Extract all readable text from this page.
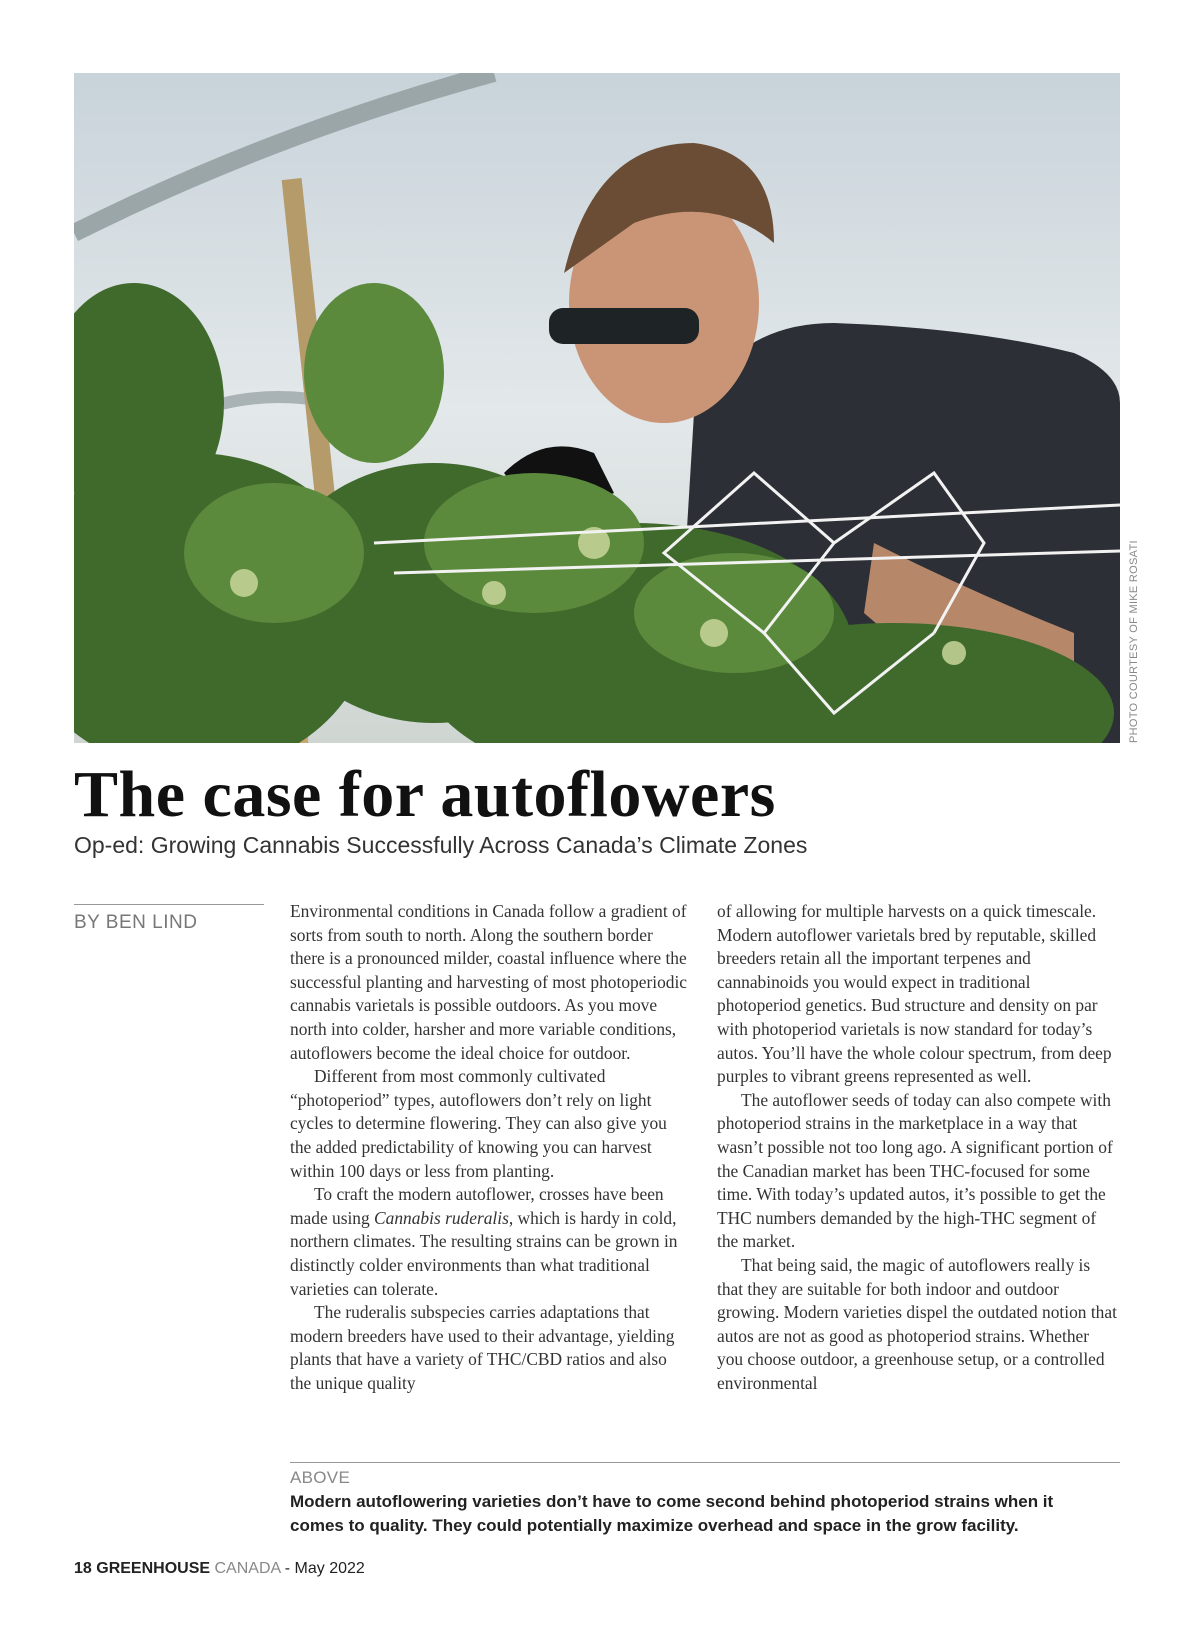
PHOTO COURTESY OF MIKE ROSATI
The case for autoflowers

Op-ed: Growing Cannabis Successfully Across Canada’s Climate Zones

BY BEN LIND

Environmental conditions in Canada follow a gradient of sorts from south to north. Along the southern border there is a pronounced milder, coastal influence where the successful planting and harvesting of most photoperiodic cannabis varietals is possible outdoors. As you move north into colder, harsher and more variable conditions, autoflowers become the ideal choice for outdoor.

Different from most commonly cultivated “photoperiod” types, autoflowers don’t rely on light cycles to determine flowering. They can also give you the added predictability of knowing you can harvest within 100 days or less from planting.

To craft the modern autoflower, crosses have been made using Cannabis ruderalis, which is hardy in cold, northern climates. The resulting strains can be grown in distinctly colder environments than what traditional varieties can tolerate.

The ruderalis subspecies carries adaptations that modern breeders have used to their advantage, yielding plants that have a variety of THC/CBD ratios and also the unique quality

of allowing for multiple harvests on a quick timescale. Modern autoflower varietals bred by reputable, skilled breeders retain all the important terpenes and cannabinoids you would expect in traditional photoperiod genetics. Bud structure and density on par with photoperiod varietals is now standard for today’s autos. You’ll have the whole colour spectrum, from deep purples to vibrant greens represented as well.

The autoflower seeds of today can also compete with photoperiod strains in the marketplace in a way that wasn’t possible not too long ago. A significant portion of the Canadian market has been THC-focused for some time. With today’s updated autos, it’s possible to get the THC numbers demanded by the high-THC segment of the market.

That being said, the magic of autoflowers really is that they are suitable for both indoor and outdoor growing. Modern varieties dispel the outdated notion that autos are not as good as photoperiod strains. Whether you choose outdoor, a greenhouse setup, or a controlled environmental

ABOVE

Modern autoflowering varieties don’t have to come second behind photoperiod strains when it comes to quality. They could potentially maximize overhead and space in the grow facility.

18 GREENHOUSE CANADA - May 2022
